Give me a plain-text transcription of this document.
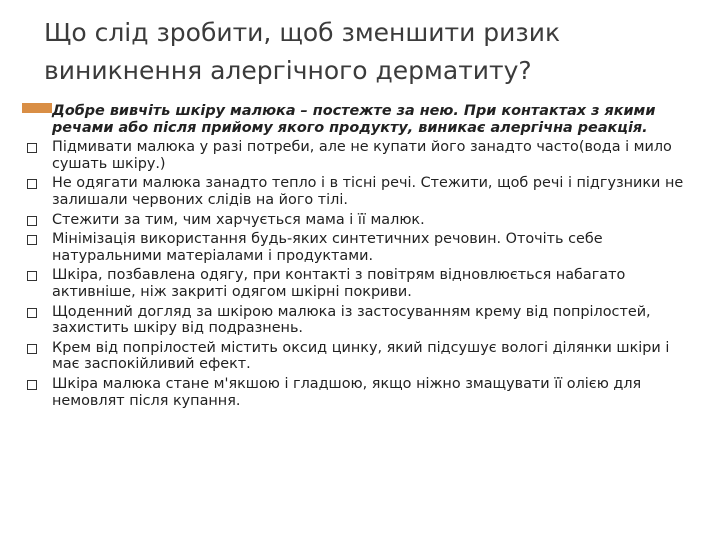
Що слід зробити, щоб зменшити ризик виникнення алергічного дерматиту?
Добре вивчіть шкіру малюка – постежте за нею. При контактах з якими речами або після прийому якого продукту, виникає алергічна реакція.
Підмивати малюка у разі потреби, але не купати його занадто часто(вода і мило сушать шкіру.)
Не одягати малюка занадто тепло і в тісні речі. Стежити, щоб речі і підгузники не залишали червоних слідів на його тілі.
Стежити за тим, чим харчується мама і її малюк.
Мінімізація використання будь-яких синтетичних речовин. Оточіть себе натуральними матеріалами і продуктами.
Шкіра, позбавлена одягу, при контакті з повітрям відновлюється набагато активніше, ніж закриті одягом шкірні покриви.
Щоденний догляд за шкірою малюка із застосуванням крему від попрілостей, захистить шкіру від подразнень.
Крем від попрілостей містить оксид цинку, який підсушує вологі ділянки шкіри і має заспокійливий ефект.
Шкіра малюка стане м'якшою і гладшою, якщо ніжно змащувати її олією для немовлят після купання.
